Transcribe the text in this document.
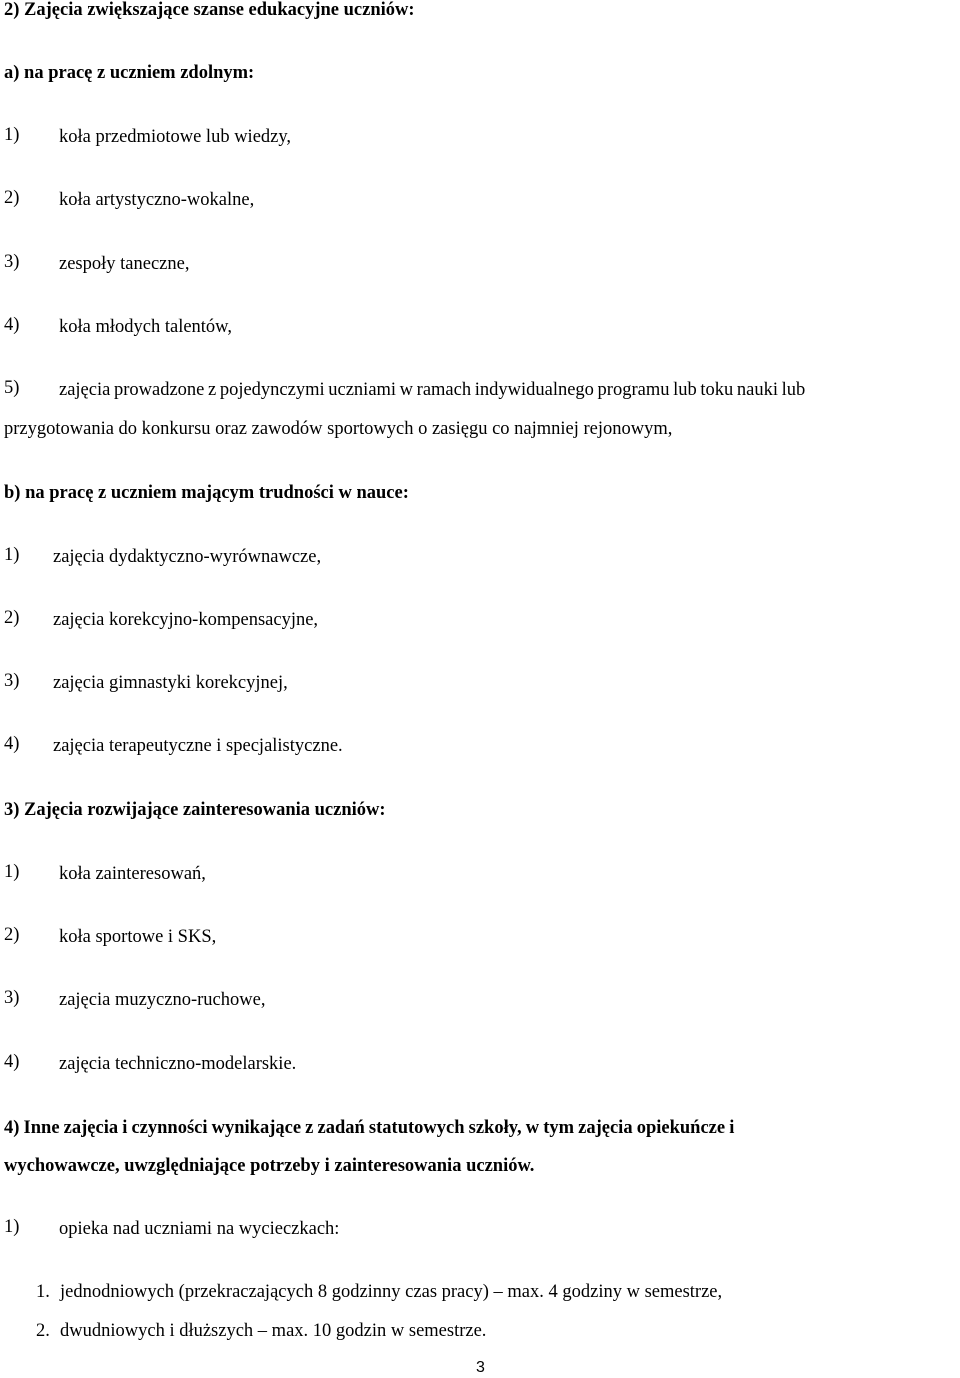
2) Zajęcia zwiększające szanse edukacyjne uczniów:
a) na pracę z uczniem zdolnym:
1) koła przedmiotowe lub wiedzy,
2) koła artystyczno-wokalne,
3) zespoły taneczne,
4) koła młodych talentów,
5) zajęcia prowadzone z pojedynczymi uczniami w ramach indywidualnego programu lub toku nauki lub
przygotowania do konkursu oraz zawodów sportowych o zasięgu co najmniej rejonowym,
b) na pracę z uczniem mającym trudności w nauce:
1) zajęcia dydaktyczno-wyrównawcze,
2) zajęcia korekcyjno-kompensacyjne,
3) zajęcia gimnastyki korekcyjnej,
4) zajęcia terapeutyczne i specjalistyczne.
3) Zajęcia rozwijające zainteresowania uczniów:
1) koła zainteresowań,
2) koła sportowe i SKS,
3) zajęcia muzyczno-ruchowe,
4) zajęcia techniczno-modelarskie.
4) Inne zajęcia i czynności wynikające z zadań statutowych szkoły, w tym zajęcia opiekuńcze i
wychowawcze, uwzględniające potrzeby i zainteresowania uczniów.
1) opieka nad uczniami na wycieczkach:
1. jednodniowych (przekraczających 8 godzinny czas pracy) – max. 4 godziny w semestrze,
2. dwudniowych i dłuższych – max. 10 godzin w semestrze.
3
